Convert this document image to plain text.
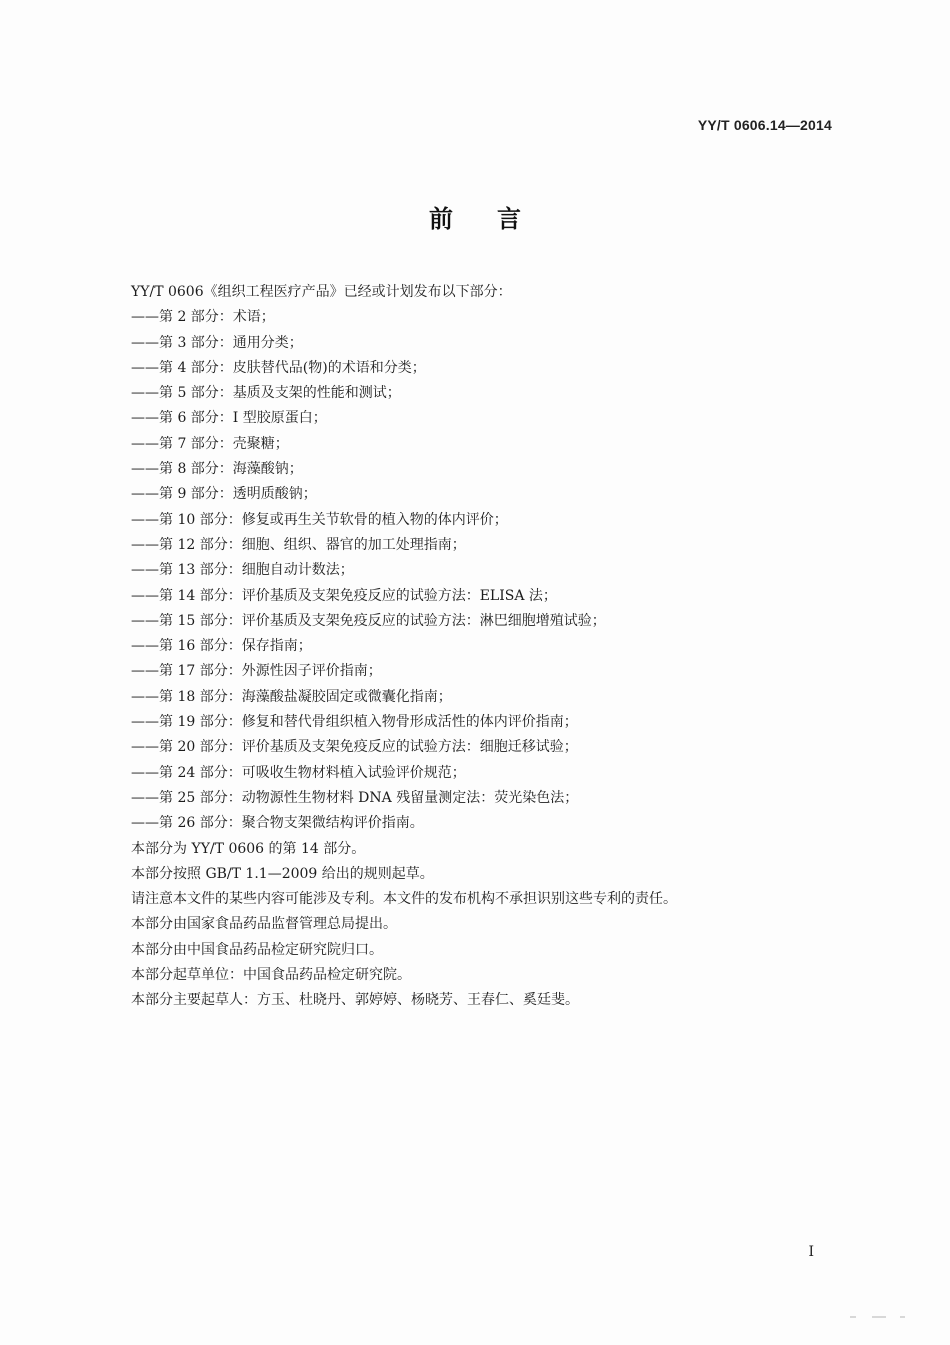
YY/T 0606.14—2014
前言
YY/T 0606《组织工程医疗产品》已经或计划发布以下部分：
——第 2 部分：术语；
——第 3 部分：通用分类；
——第 4 部分：皮肤替代品(物)的术语和分类；
——第 5 部分：基质及支架的性能和测试；
——第 6 部分：I 型胶原蛋白；
——第 7 部分：壳聚糖；
——第 8 部分：海藻酸钠；
——第 9 部分：透明质酸钠；
——第 10 部分：修复或再生关节软骨的植入物的体内评价；
——第 12 部分：细胞、组织、器官的加工处理指南；
——第 13 部分：细胞自动计数法；
——第 14 部分：评价基质及支架免疫反应的试验方法：ELISA 法；
——第 15 部分：评价基质及支架免疫反应的试验方法：淋巴细胞增殖试验；
——第 16 部分：保存指南；
——第 17 部分：外源性因子评价指南；
——第 18 部分：海藻酸盐凝胶固定或微囊化指南；
——第 19 部分：修复和替代骨组织植入物骨形成活性的体内评价指南；
——第 20 部分：评价基质及支架免疫反应的试验方法：细胞迁移试验；
——第 24 部分：可吸收生物材料植入试验评价规范；
——第 25 部分：动物源性生物材料 DNA 残留量测定法：荧光染色法；
——第 26 部分：聚合物支架微结构评价指南。
本部分为 YY/T 0606 的第 14 部分。
本部分按照 GB/T 1.1—2009 给出的规则起草。
请注意本文件的某些内容可能涉及专利。本文件的发布机构不承担识别这些专利的责任。
本部分由国家食品药品监督管理总局提出。
本部分由中国食品药品检定研究院归口。
本部分起草单位：中国食品药品检定研究院。
本部分主要起草人：方玉、杜晓丹、郭婷婷、杨晓芳、王春仁、奚廷斐。
I
